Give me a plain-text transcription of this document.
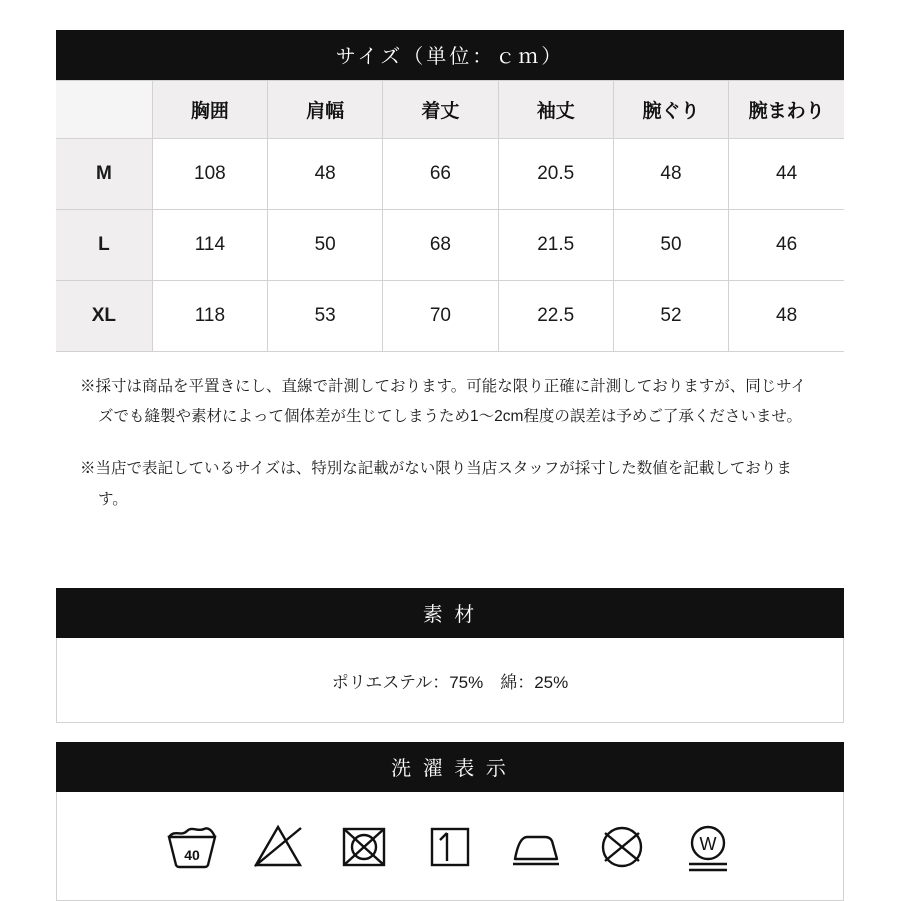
サイズ（単位：ｃｍ）
	胸囲	肩幅	着丈	袖丈	腕ぐり	腕まわり
M	108	48	66	20.5	48	44
L	114	50	68	21.5	50	46
XL	118	53	70	22.5	52	48

※採寸は商品を平置きにし、直線で計測しております。可能な限り正確に計測しておりますが、同じサイズでも縫製や素材によって個体差が生じてしまうため1〜2cm程度の誤差は予めご了承くださいませ。

※当店で表記しているサイズは、特別な記載がない限り当店スタッフが採寸した数値を記載しております。

素 材
ポリエステル：75%　綿：25%
洗 濯 表 示
40
W
